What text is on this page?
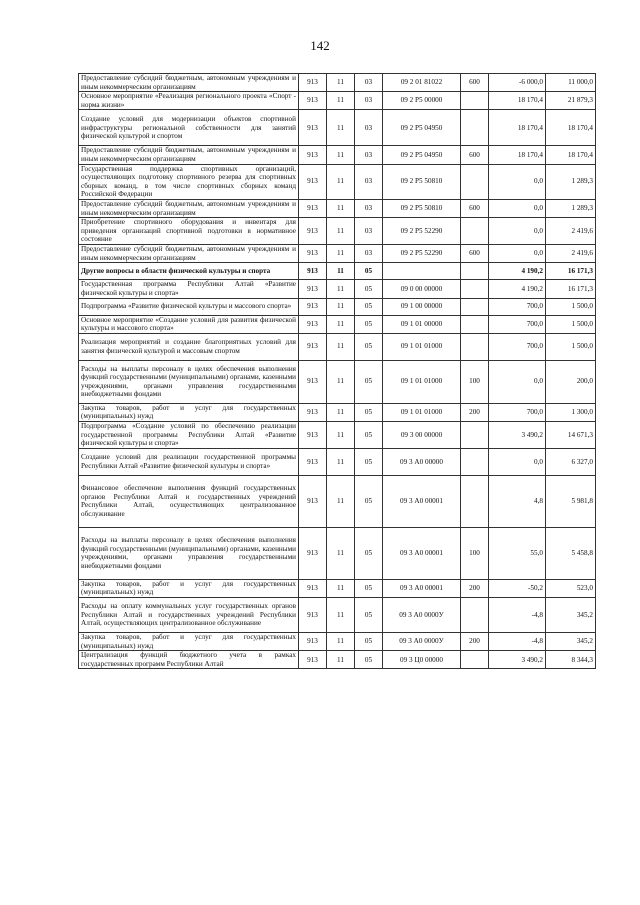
142
Предоставление субсидий бюджетным, автономным учреждениям и иным некоммерческим организациям	913	11	03	09 2 01 81022	600	-6 000,0	11 000,0
Основное мероприятие «Реализация регионального проекта «Спорт - норма жизни»	913	11	03	09 2 P5 00000		18 170,4	21 879,3
Создание условий для модернизации объектов спортивной инфраструктуры региональной собственности для занятий физической культурой и спортом	913	11	03	09 2 P5 04950		18 170,4	18 170,4
Предоставление субсидий бюджетным, автономным учреждениям и иным некоммерческим организациям	913	11	03	09 2 P5 04950	600	18 170,4	18 170,4
Государственная поддержка спортивных организаций, осуществляющих подготовку спортивного резерва для спортивных сборных команд, в том числе спортивных сборных команд Российской Федерации	913	11	03	09 2 P5 50810		0,0	1 289,3
Предоставление субсидий бюджетным, автономным учреждениям и иным некоммерческим организациям	913	11	03	09 2 P5 50810	600	0,0	1 289,3
Приобретение спортивного оборудования и инвентаря для приведения организаций спортивной подготовки в нормативное состояние	913	11	03	09 2 P5 52290		0,0	2 419,6
Предоставление субсидий бюджетным, автономным учреждениям и иным некоммерческим организациям	913	11	03	09 2 P5 52290	600	0,0	2 419,6
Другие вопросы в области физической культуры и спорта	913	11	05			4 190,2	16 171,3
Государственная программа Республики Алтай «Развитие физической культуры и спорта»	913	11	05	09 0 00 00000		4 190,2	16 171,3
Подпрограмма «Развитие физической культуры и массового спорта»	913	11	05	09 1 00 00000		700,0	1 500,0
Основное мероприятие «Создание условий для развития физической культуры и массового спорта»	913	11	05	09 1 01 00000		700,0	1 500,0
Реализация мероприятий и создание благоприятных условий для занятия физической культурой и массовым спортом	913	11	05	09 1 01 01000		700,0	1 500,0
Расходы на выплаты персоналу в целях обеспечения выполнения функций государственными (муниципальными) органами, казенными учреждениями, органами управления государственными внебюджетными фондами	913	11	05	09 1 01 01000	100	0,0	200,0
Закупка товаров, работ и услуг для государственных (муниципальных) нужд	913	11	05	09 1 01 01000	200	700,0	1 300,0
Подпрограмма «Создание условий по обеспечению реализации государственной программы Республики Алтай «Развитие физической культуры и спорта»	913	11	05	09 3 00 00000		3 490,2	14 671,3
Создание условий для реализации государственной программы Республики Алтай «Развитие физической культуры и спорта»	913	11	05	09 3 А0 00000		0,0	6 327,0
Финансовое обеспечение выполнения функций государственных органов Республики Алтай и государственных учреждений Республики Алтай, осуществляющих централизованное обслуживание	913	11	05	09 3 А0 00001		4,8	5 981,8
Расходы на выплаты персоналу в целях обеспечения выполнения функций государственными (муниципальными) органами, казенными учреждениями, органами управления государственными внебюджетными фондами	913	11	05	09 3 А0 00001	100	55,0	5 458,8
Закупка товаров, работ и услуг для государственных (муниципальных) нужд	913	11	05	09 3 А0 00001	200	-50,2	523,0
Расходы на оплату коммунальных услуг государственных органов Республики Алтай и государственных учреждений Республики Алтай, осуществляющих централизованное обслуживание	913	11	05	09 3 А0 0000У		-4,8	345,2
Закупка товаров, работ и услуг для государственных (муниципальных) нужд	913	11	05	09 3 А0 0000У	200	-4,8	345,2
Централизация функций бюджетного учета в рамках государственных программ Республики Алтай	913	11	05	09 3 Ц0 00000		3 490,2	8 344,3
